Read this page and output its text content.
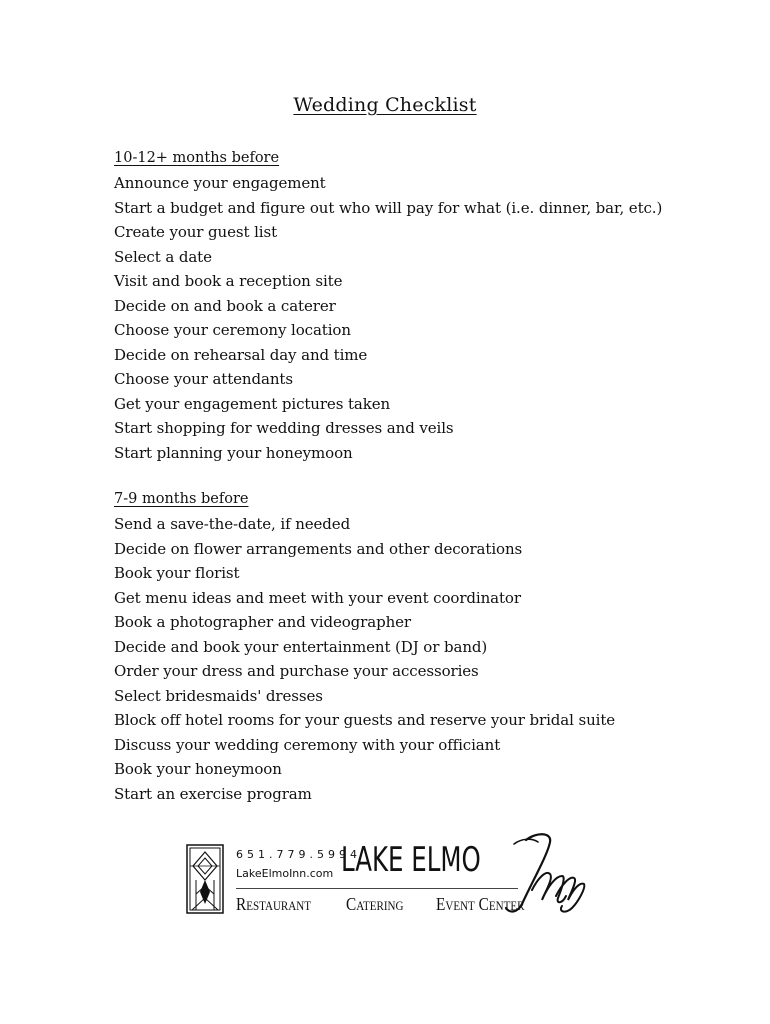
Wedding Checklist
10-12+ months before
Announce your engagement
Start a budget and figure out who will pay for what (i.e. dinner, bar, etc.)
Create your guest list
Select a date
Visit and book a reception site
Decide on and book a caterer
Choose your ceremony location
Decide on rehearsal day and time
Choose your attendants
Get your engagement pictures taken
Start shopping for wedding dresses and veils
Start planning your honeymoon
7-9 months before
Send a save-the-date, if needed
Decide on flower arrangements and other decorations
Book your florist
Get menu ideas and meet with your event coordinator
Book a photographer and videographer
Decide and book your entertainment (DJ or band)
Order your dress and purchase your accessories
Select bridesmaids' dresses
Block off hotel rooms for your guests and reserve your bridal suite
Discuss your wedding ceremony with your officiant
Book your honeymoon
Start an exercise program
651.779.5994
LakeElmoInn.com LAKE ELMO
Restaurant Catering Event Center
